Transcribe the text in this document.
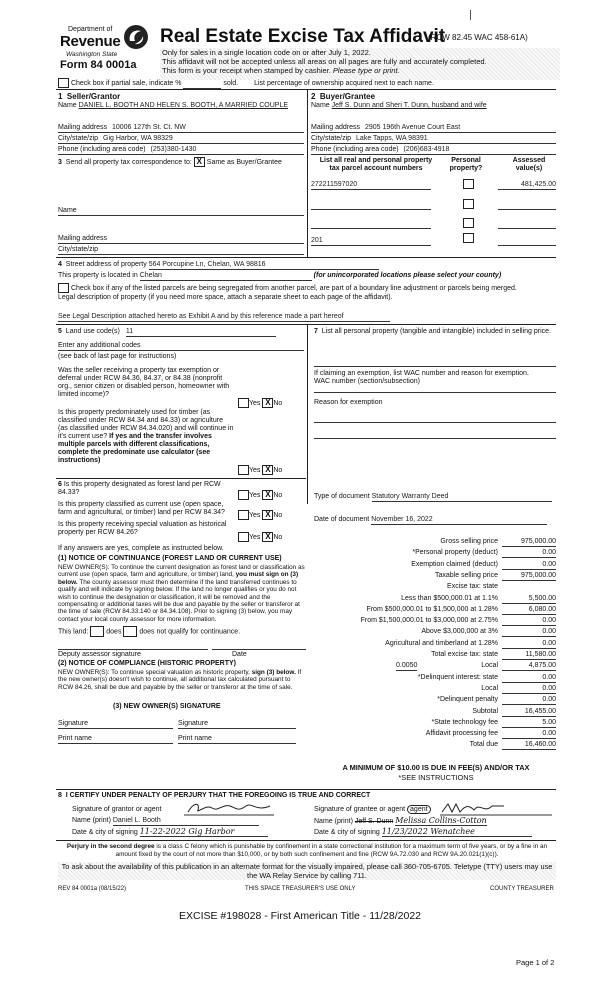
Department of
Revenue
Washington State
Form 84 0001a
Real Estate Excise Tax Affidavit
(RCW 82.45 WAC 458-61A)
Only for sales in a single location code on or after July 1, 2022.
This affidavit will not be accepted unless all areas on all pages are fully and accurately completed.
This form is your receipt when stamped by cashier. Please type or print.
Check box if partial sale, indicate %	sold. List percentage of ownership acquired next to each name.
1 Seller/Grantor
Name DANIEL L. BOOTH AND HELEN S. BOOTH, A MARRIED COUPLE
Mailing address 10006 127th St. Ct. NW
City/state/zip Gig Harbor, WA 98329
Phone (including area code) (253)380-1430
2 Buyer/Grantee
Name Jeff S. Dunn and Sheri T. Dunn, husband and wife
Mailing address 2905 196th Avenue Court East
City/state/zip Lake Tapps, WA 98391
Phone (including area code) (206)683-4918
3 Send all property tax correspondence to: X Same as Buyer/Grantee
Name
Mailing address
City/state/zip
List all real and personal property
tax parcel account numbers
Personal
property?
Assessed
value(s)
272211597020	481,425.00
201
4 Street address of property 564 Porcupine Ln, Chelan, WA 98816
This property is located in Chelan	(for unincorporated locations please select your county)
Check box if any of the listed parcels are being segregated from another parcel, are part of a boundary line adjustment or parcels being merged.
Legal description of property (if you need more space, attach a separate sheet to each page of the affidavit).
See Legal Description attached hereto as Exhibit A and by this reference made a part hereof
5 Land use code(s) 11
Enter any additional codes
(see back of last page for instructions)
Was the seller receiving a property tax exemption or deferral under RCW 84.36, 84.37, or 84.38 (nonprofit org., senior citizen or disabled person, homeowner with limited income)?
Yes X No
Is this property predominately used for timber (as classified under RCW 84.34 and 84.33) or agriculture (as classified under RCW 84.34.020) and will continue in it's current use? If yes and the transfer involves multiple parcels with different classifications, complete the predominate use calculator (see instructions)
Yes X No
7 List all personal property (tangible and intangible) included in selling price.
If claiming an exemption, list WAC number and reason for exemption.
WAC number (section/subsection)
Reason for exemption
6 Is this property designated as forest land per RCW 84.33?	Yes X No
Is this property classified as current use (open space, farm and agricultural, or timber) land per RCW 84.34?	Yes X No
Is this property receiving special valuation as historical property per RCW 84.26?
Yes X No
If any answers are yes, complete as instructed below.
(1) NOTICE OF CONTINUANCE (FOREST LAND OR CURRENT USE)
NEW OWNER(S): To continue the current designation as forest land or classification as current use (open space, farm and agriculture, or timber) land, you must sign on (3) below. The county assessor must then determine if the land transferred continues to qualify and will indicate by signing below. If the land no longer qualifies or you do not wish to continue the designation or classification, it will be removed and the compensating or additional taxes will be due and payable by the seller or transferor at the time of sale (RCW 84.33.140 or 84.34.108). Prior to signing (3) below, you may contact your local county assessor for more information.
This land:	does	does not qualify for continuance.
Deputy assessor signature	Date
(2) NOTICE OF COMPLIANCE (HISTORIC PROPERTY)
NEW OWNER(S): To continue special valuation as historic property, sign (3) below. If the new owner(s) doesn't wish to continue, all additional tax calculated pursuant to RCW 84.26, shall be due and payable by the seller or transferor at the time of sale.
(3) NEW OWNER(S) SIGNATURE
Signature	Signature
Print name	Print name
Type of document Statutory Warranty Deed
Date of document November 16, 2022
Gross selling price	975,000.00
*Personal property (deduct)	0.00
Exemption claimed (deduct)	0.00
Taxable selling price	975,000.00
Excise tax: state
Less than $500,000.01 at 1.1%	5,500.00
From $500,000.01 to $1,500,000 at 1.28%	6,080.00
From $1,500,000.01 to $3,000,000 at 2.75%	0.00
Above $3,000,000 at 3%	0.00
Agricultural and timberland at 1.28%	0.00
Total excise tax: state	11,580.00
Local
0.0050	4,875.00
*Delinquent interest: state	0.00
Local	0.00
*Delinquent penalty	0.00
Subtotal	16,455.00
*State technology fee	5.00
Affidavit processing fee	0.00
Total due	16,460.00
A MINIMUM OF $10.00 IS DUE IN FEE(S) AND/OR TAX
*SEE INSTRUCTIONS
8 I CERTIFY UNDER PENALTY OF PERJURY THAT THE FOREGOING IS TRUE AND CORRECT
Signature of grantor or agent
Name (print) Daniel L. Booth
Date & city of signing 11-22-2022 Gig Harbor
Signature of grantee or agent agent
Name (print) Jeff S. Dunn Melissa Collins-Cotton
Date & city of signing 11/23/2022 Wenatchee
Perjury in the second degree is a class C felony which is punishable by confinement in a state correctional institution for a maximum term of five years, or by a fine in an amount fixed by the court of not more than $10,000, or by both such confinement and fine (RCW 9A.72.030 and RCW 9A.20.021(1)(c)).
To ask about the availability of this publication in an alternate format for the visually impaired, please call 360-705-6705. Teletype (TTY) users may use the WA Relay Service by calling 711.
REV 84 0001a (08/15/22)	THIS SPACE TREASURER'S USE ONLY	COUNTY TREASURER
EXCISE #198028 - First American Title - 11/28/2022
Page 1 of 2
